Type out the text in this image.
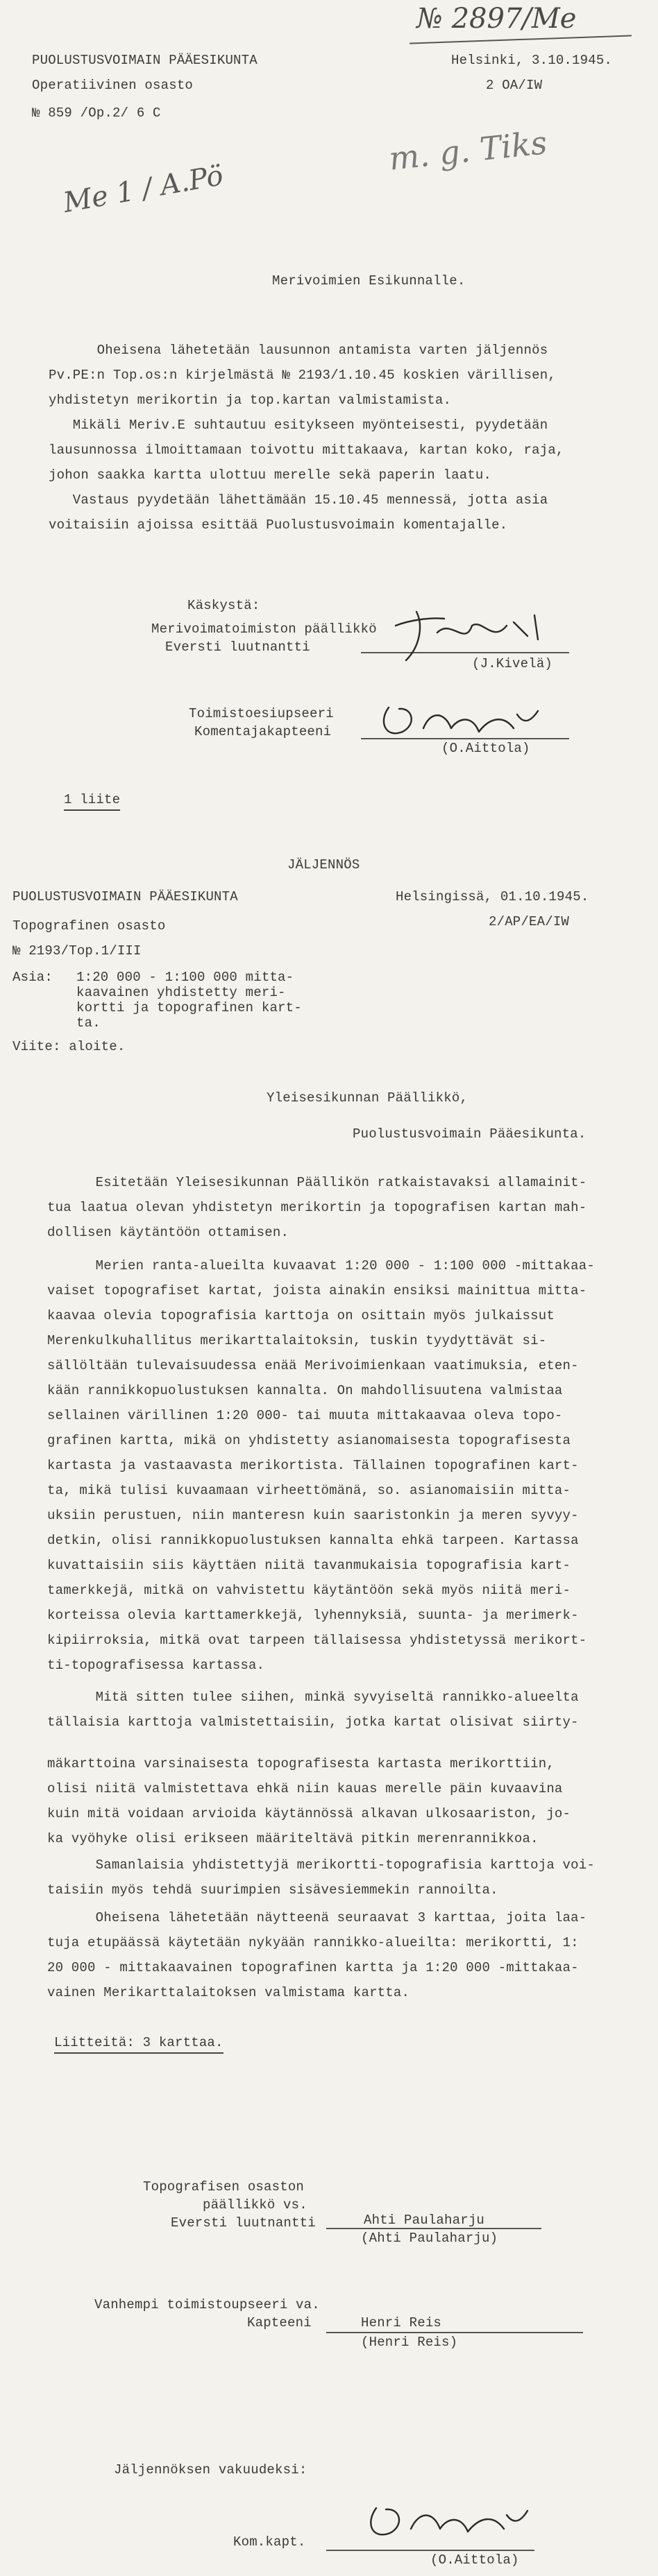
№ 2897/Me
PUOLUSTUSVOIMAIN PÄÄESIKUNTA
Operatiivinen osasto
№ 859 /Op.2/ 6 C
Helsinki, 3.10.1945.
2 OA/IW
m. g. Tiks
Me 1 / A.Pö
Merivoimien Esikunnalle.
Oheisena lähetetään lausunnon antamista varten jäljennös
Pv.PE:n Top.os:n kirjelmästä № 2193/1.10.45 koskien värillisen,
yhdistetyn merikortin ja top.kartan valmistamista.
Mikäli Meriv.E suhtautuu esitykseen myönteisesti, pyydetään
lausunnossa ilmoittamaan toivottu mittakaava, kartan koko, raja,
johon saakka kartta ulottuu merelle sekä paperin laatu.
Vastaus pyydetään lähettämään 15.10.45 mennessä, jotta asia
voitaisiin ajoissa esittää Puolustusvoimain komentajalle.
Käskystä:
Merivoimatoimiston päällikkö
Eversti luutnantti
(J.Kivelä)
Toimistoesiupseeri
Komentajakapteeni
(O.Aittola)
1 liite
JÄLJENNÖS
PUOLUSTUSVOIMAIN PÄÄESIKUNTA
Topografinen osasto
№ 2193/Top.1/III
Helsingissä, 01.10.1945.
2/AP/EA/IW
Asia: 1:20 000 - 1:100 000 mitta-
kaavainen yhdistetty meri-
kortti ja topografinen kart-
ta.
Viite: aloite.
Yleisesikunnan Päällikkö,
Puolustusvoimain Pääesikunta.
Esitetään Yleisesikunnan Päällikön ratkaistavaksi allamainit-
tua laatua olevan yhdistetyn merikortin ja topografisen kartan mah-
dollisen käytäntöön ottamisen.
Merien ranta-alueilta kuvaavat 1:20 000 - 1:100 000 -mittakaa-
vaiset topografiset kartat, joista ainakin ensiksi mainittua mitta-
kaavaa olevia topografisia karttoja on osittain myös julkaissut
Merenkulkuhallitus merikarttalaitoksin, tuskin tyydyttävät si-
sällöltään tulevaisuudessa enää Merivoimienkaan vaatimuksia, eten-
kään rannikkopuolustuksen kannalta. On mahdollisuutena valmistaa
sellainen värillinen 1:20 000- tai muuta mittakaavaa oleva topo-
grafinen kartta, mikä on yhdistetty asianomaisesta topografisesta
kartasta ja vastaavasta merikortista. Tällainen topografinen kart-
ta, mikä tulisi kuvaamaan virheettömänä, so. asianomaisiin mitta-
uksiin perustuen, niin manteresn kuin saaristonkin ja meren syvyy-
detkin, olisi rannikkopuolustuksen kannalta ehkä tarpeen. Kartassa
kuvattaisiin siis käyttäen niitä tavanmukaisia topografisia kart-
tamerkkejä, mitkä on vahvistettu käytäntöön sekä myös niitä meri-
korteissa olevia karttamerkkejä, lyhennyksiä, suunta- ja merimerk-
kipiirroksia, mitkä ovat tarpeen tällaisessa yhdistetyssä merikort-
ti-topografisessa kartassa.
Mitä sitten tulee siihen, minkä syvyiseltä rannikko-alueelta
tällaisia karttoja valmistettaisiin, jotka kartat olisivat siirty-
mäkarttoina varsinaisesta topografisesta kartasta merikorttiin,
olisi niitä valmistettava ehkä niin kauas merelle päin kuvaavina
kuin mitä voidaan arvioida käytännössä alkavan ulkosaariston, jo-
ka vyöhyke olisi erikseen määriteltävä pitkin merenrannikkoa.
Samanlaisia yhdistettyjä merikortti-topografisia karttoja voi-
taisiin myös tehdä suurimpien sisävesiemmekin rannoilta.
Oheisena lähetetään näytteenä seuraavat 3 karttaa, joita laa-
tuja etupäässä käytetään nykyään rannikko-alueilta: merikortti, 1:
20 000 - mittakaavainen topografinen kartta ja 1:20 000 -mittakaa-
vainen Merikarttalaitoksen valmistama kartta.
Liitteitä: 3 karttaa.
Topografisen osaston
päällikkö vs.
Eversti luutnantti	Ahti Paulaharju
(Ahti Paulaharju)
Vanhempi toimistoupseeri va.
Kapteeni	Henri Reis
(Henri Reis)
Jäljennöksen vakuudeksi:
Kom.kapt.
(O.Aittola)
